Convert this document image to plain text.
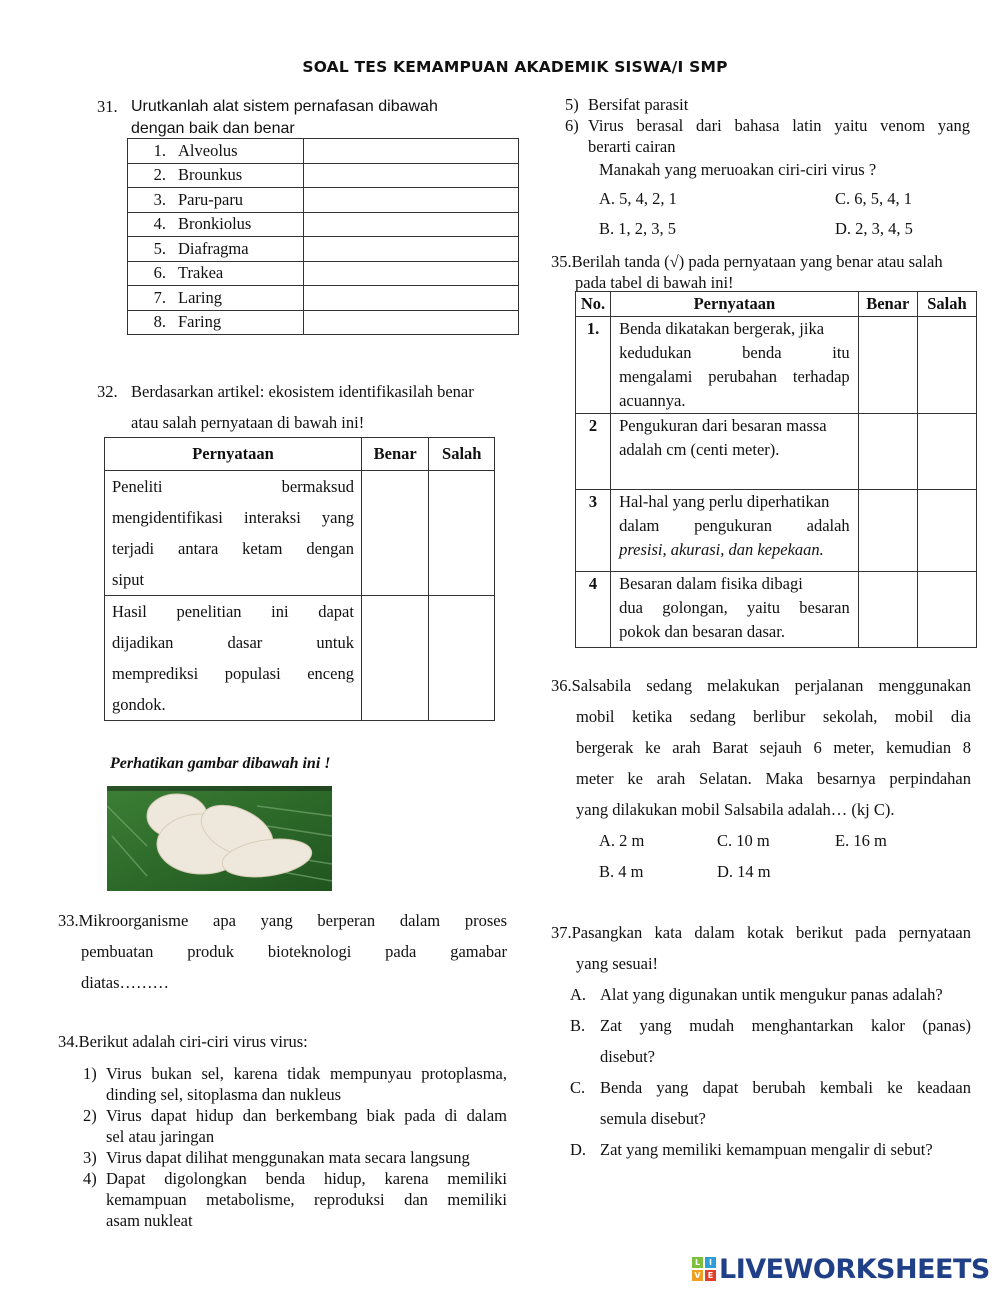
SOAL TES KEMAMPUAN AKADEMIK SISWA/I SMP
31. Urutkanlah alat sistem pernafasan dibawah
dengan baik dan benar
1. Alveolus	
2. Brounkus	
3. Paru-paru	
4. Bronkiolus	
5. Diafragma	
6. Trakea	
7. Laring	
8. Faring	
32. Berdasarkan artikel: ekosistem identifikasilah benar
atau salah pernyataan di bawah ini!
Pernyataan	Benar	Salah

Peneliti bermaksud
mengidentifikasi interaksi yang
terjadi antara ketam dengan
siput		

Hasil penelitian ini dapat
dijadikan dasar untuk
memprediksi populasi enceng
gondok.		

Perhatikan gambar dibawah ini !
33. Mikroorganisme apa yang berperan dalam proses
pembuatan produk bioteknologi pada gamabar
diatas………
34.Berikut adalah ciri-ciri virus virus:
1) Virus bukan sel, karena tidak mempunyau protoplasma,
dinding sel, sitoplasma dan nukleus
2) Virus dapat hidup dan berkembang biak pada di dalam
sel atau jaringan
3) Virus dapat dilihat menggunakan mata secara langsung
4) Dapat digolongkan benda hidup, karena memiliki
kemampuan metabolisme, reproduksi dan memiliki
asam nukleat
5) Bersifat parasit
6) Virus berasal dari bahasa latin yaitu venom yang
berarti cairan
Manakah yang meruoakan ciri-ciri virus ?
A. 5, 4, 2, 1	C. 6, 5, 4, 1
B. 1, 2, 3, 5	D. 2, 3, 4, 5
35.Berilah tanda (√) pada pernyataan yang benar atau salah
pada tabel di bawah ini!
No.	Pernyataan	Benar	Salah
1.	Benda dikatakan bergerak, jika
kedudukan benda itu
mengalami perubahan terhadap
acuannya.		

2	Pengukuran dari besaran massa
adalah cm (centi meter).		

3	Hal-hal yang perlu diperhatikan
dalam pengukuran adalah
presisi, akurasi, dan kepekaan.		

4	Besaran dalam fisika dibagi
dua golongan, yaitu besaran
pokok dan besaran dasar.		

36. Salsabila sedang melakukan perjalanan menggunakan
mobil ketika sedang berlibur sekolah, mobil dia
bergerak ke arah Barat sejauh 6 meter, kemudian 8
meter ke arah Selatan. Maka besarnya perpindahan
yang dilakukan mobil Salsabila adalah… (kj C).
A. 2 m	C. 10 m	E. 16 m
B. 4 m	D. 14 m
37.Pasangkan kata dalam kotak berikut pada pernyataan
yang sesuai!
A. Alat yang digunakan untik mengukur panas adalah?
B. Zat yang mudah menghantarkan kalor (panas)
disebut?
C. Benda yang dapat berubah kembali ke keadaan
semula disebut?
D. Zat yang memiliki kemampuan mengalir di sebut?
L	I
V E LIVEWORKSHEETS
